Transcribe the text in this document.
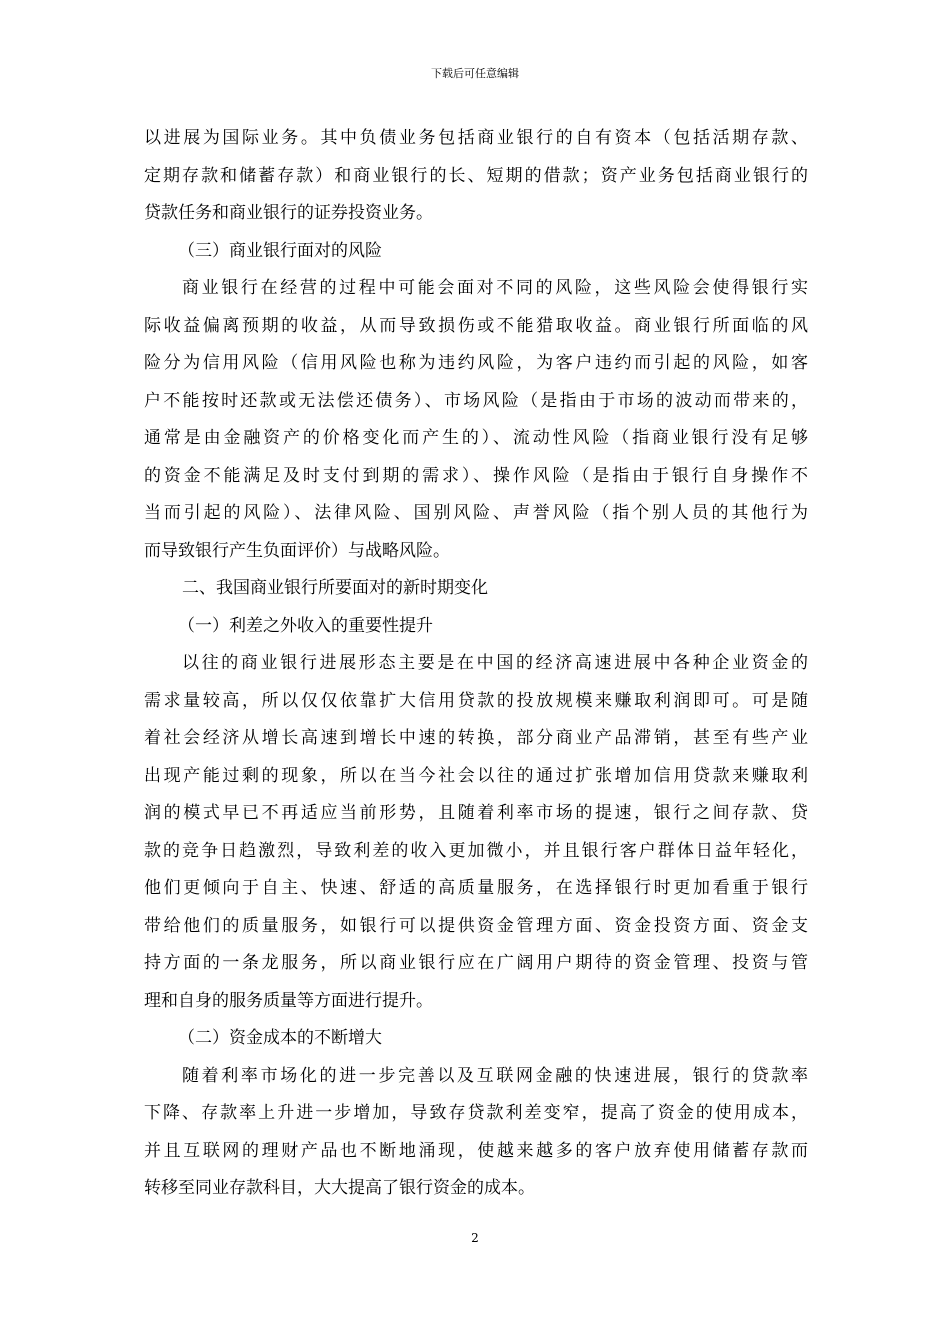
下载后可任意编辑
以进展为国际业务。其中负债业务包括商业银行的自有资本（包括活期存款、
定期存款和储蓄存款）和商业银行的长、短期的借款；资产业务包括商业银行的
贷款任务和商业银行的证券投资业务。
（三）商业银行面对的风险
商业银行在经营的过程中可能会面对不同的风险，这些风险会使得银行实
际收益偏离预期的收益，从而导致损伤或不能猎取收益。商业银行所面临的风
险分为信用风险（信用风险也称为违约风险，为客户违约而引起的风险，如客
户不能按时还款或无法偿还债务）、市场风险（是指由于市场的波动而带来的，
通常是由金融资产的价格变化而产生的）、流动性风险（指商业银行没有足够
的资金不能满足及时支付到期的需求）、操作风险（是指由于银行自身操作不
当而引起的风险）、法律风险、国别风险、声誉风险（指个别人员的其他行为
而导致银行产生负面评价）与战略风险。
二、我国商业银行所要面对的新时期变化
（一）利差之外收入的重要性提升
以往的商业银行进展形态主要是在中国的经济高速进展中各种企业资金的
需求量较高，所以仅仅依靠扩大信用贷款的投放规模来赚取利润即可。可是随
着社会经济从增长高速到增长中速的转换，部分商业产品滞销，甚至有些产业
出现产能过剩的现象，所以在当今社会以往的通过扩张增加信用贷款来赚取利
润的模式早已不再适应当前形势，且随着利率市场的提速，银行之间存款、贷
款的竞争日趋激烈，导致利差的收入更加微小，并且银行客户群体日益年轻化，
他们更倾向于自主、快速、舒适的高质量服务，在选择银行时更加看重于银行
带给他们的质量服务，如银行可以提供资金管理方面、资金投资方面、资金支
持方面的一条龙服务，所以商业银行应在广阔用户期待的资金管理、投资与管
理和自身的服务质量等方面进行提升。
（二）资金成本的不断增大
随着利率市场化的进一步完善以及互联网金融的快速进展，银行的贷款率
下降、存款率上升进一步增加，导致存贷款利差变窄，提高了资金的使用成本，
并且互联网的理财产品也不断地涌现，使越来越多的客户放弃使用储蓄存款而
转移至同业存款科目，大大提高了银行资金的成本。
2
